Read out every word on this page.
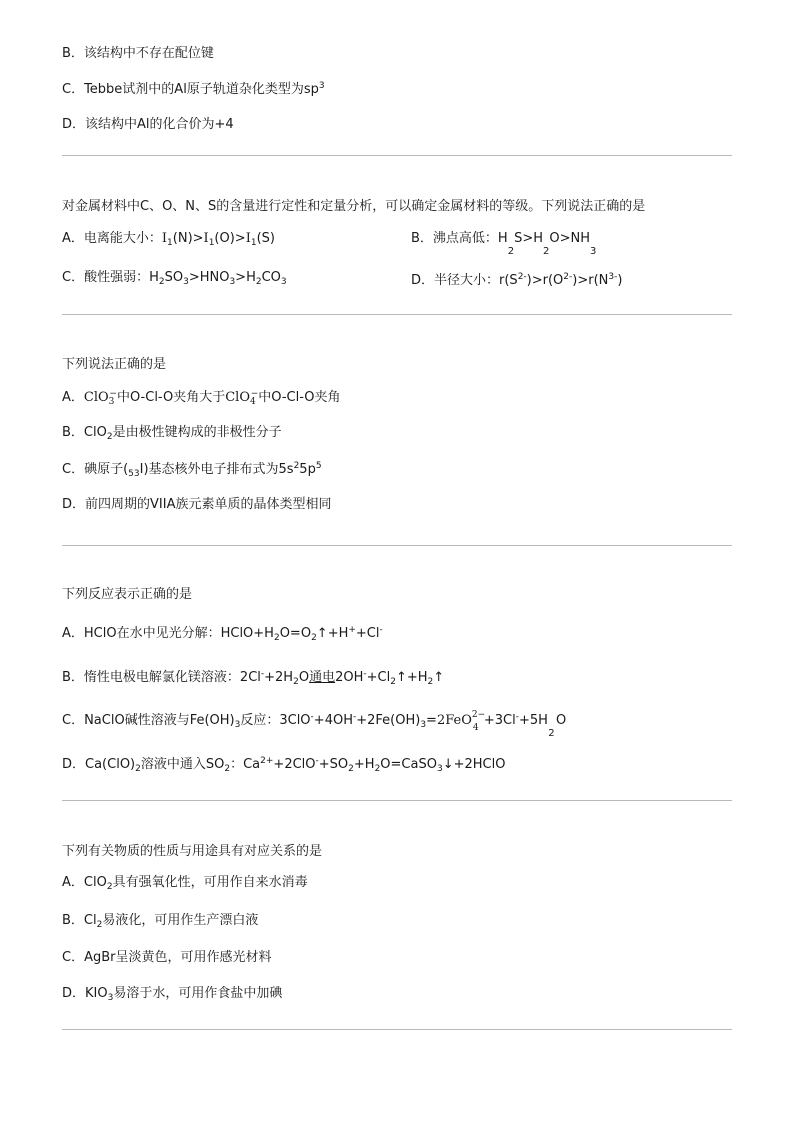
B．该结构中不存在配位键
C．Tebbe试剂中的Al原子轨道杂化类型为$sp^3$
D．该结构中Al的化合价为+4
对金属材料中C、O、N、S的含量进行定性和定量分析，可以确定金属材料的等级。下列说法正确的是
A．电离能大小：$I_1(N)>I_1(O)>I_1(S)$	B．沸点高低：$H_2S>H_2O>NH_3$
C．酸性强弱：$H_2SO_3>HNO_3>H_2CO_3$	D．半径大小：$r(S^{2-})>r(O^{2-})>r(N^{3-})$
下列说法正确的是
A．ClO$_3$−中O-Cl-O夹角大于ClO$_4$−中O-Cl-O夹角
B．ClO$_2$是由极性键构成的非极性分子
C．碘原子$(_{53}I)$基态核外电子排布式为$5s^25p^5$
D．前四周期的VIIA族元素单质的晶体类型相同
下列反应表示正确的是
A．HClO在水中见光分解：$HClO+H_2O=O_2↑+H^++Cl^-$
B．惰性电极电解氯化镁溶液：$2Cl^-+2H_2O$通电$2OH^-+Cl_2↑+H_2↑$
C．NaClO碱性溶液与$Fe(OH)_3$反应：$3ClO^-+4OH^-+2Fe(OH)_3=2FeO$ 2−
4 +3Cl-+5H $O_2$
D．$Ca(ClO)_2$溶液中通入$SO_2$：$Ca^{2+}+2ClO^-+SO_2+H_2O=CaSO_3↓+2HClO$
下列有关物质的性质与用途具有对应关系的是
A．ClO$_2$具有强氧化性，可用作自来水消毒
B．$Cl_2$易液化，可用作生产漂白液
C．AgBr呈淡黄色，可用作感光材料
D．$KIO_3$易溶于水，可用作食盐中加碘
